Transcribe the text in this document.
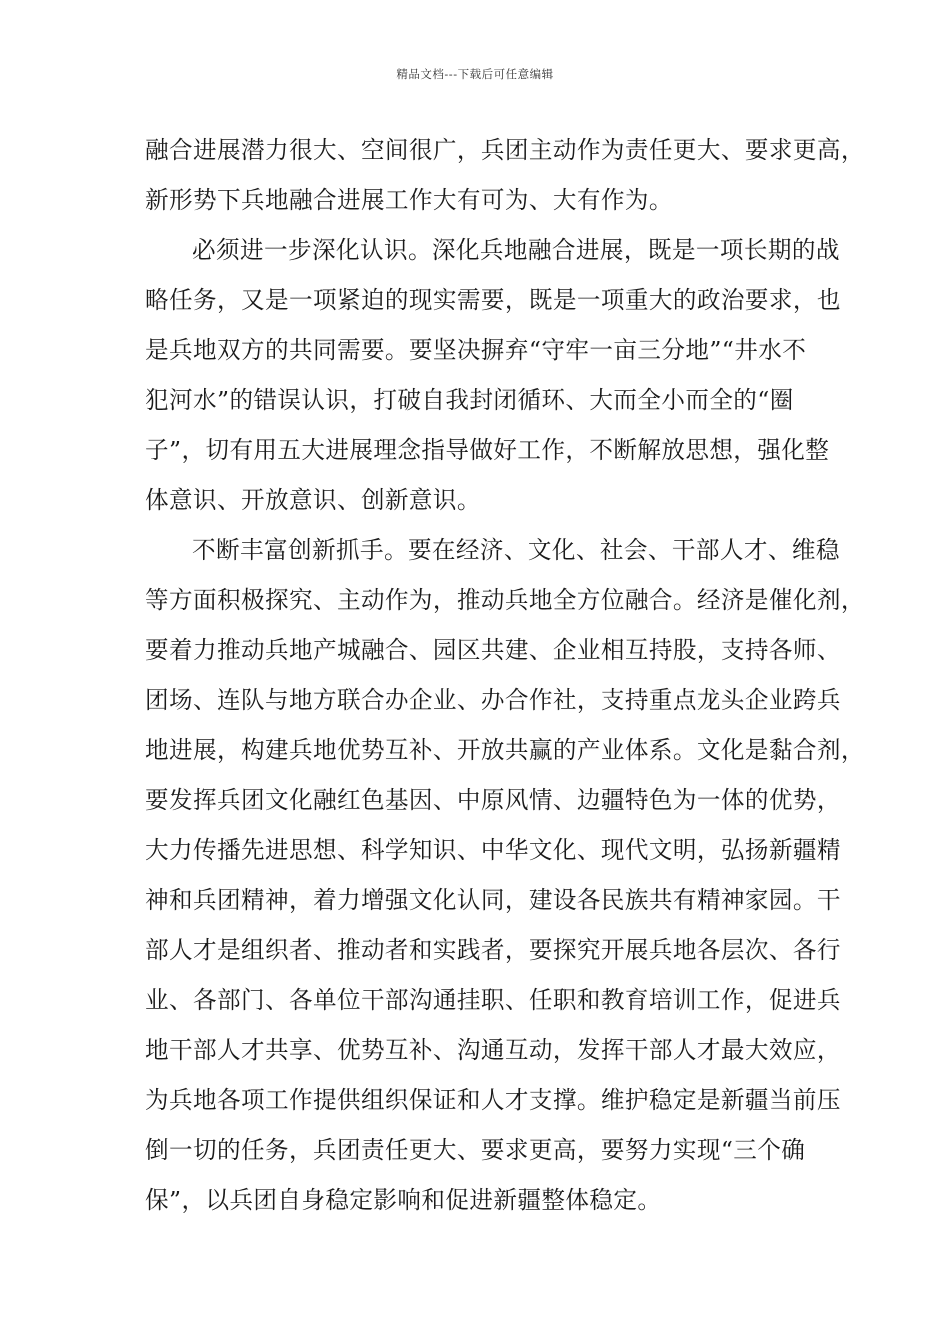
精品文档---下载后可任意编辑
融合进展潜力很大、空间很广，兵团主动作为责任更大、要求更高，
新形势下兵地融合进展工作大有可为、大有作为。
必须进一步深化认识。深化兵地融合进展，既是一项长期的战
略任务，又是一项紧迫的现实需要，既是一项重大的政治要求，也
是兵地双方的共同需要。要坚决摒弃“守牢一亩三分地”“井水不
犯河水”的错误认识，打破自我封闭循环、大而全小而全的“圈
子”，切有用五大进展理念指导做好工作，不断解放思想，强化整
体意识、开放意识、创新意识。
不断丰富创新抓手。要在经济、文化、社会、干部人才、维稳
等方面积极探究、主动作为，推动兵地全方位融合。经济是催化剂，
要着力推动兵地产城融合、园区共建、企业相互持股，支持各师、
团场、连队与地方联合办企业、办合作社，支持重点龙头企业跨兵
地进展，构建兵地优势互补、开放共赢的产业体系。文化是黏合剂，
要发挥兵团文化融红色基因、中原风情、边疆特色为一体的优势，
大力传播先进思想、科学知识、中华文化、现代文明，弘扬新疆精
神和兵团精神，着力增强文化认同，建设各民族共有精神家园。干
部人才是组织者、推动者和实践者，要探究开展兵地各层次、各行
业、各部门、各单位干部沟通挂职、任职和教育培训工作，促进兵
地干部人才共享、优势互补、沟通互动，发挥干部人才最大效应，
为兵地各项工作提供组织保证和人才支撑。维护稳定是新疆当前压
倒一切的任务，兵团责任更大、要求更高，要努力实现“三个确
保”，以兵团自身稳定影响和促进新疆整体稳定。
